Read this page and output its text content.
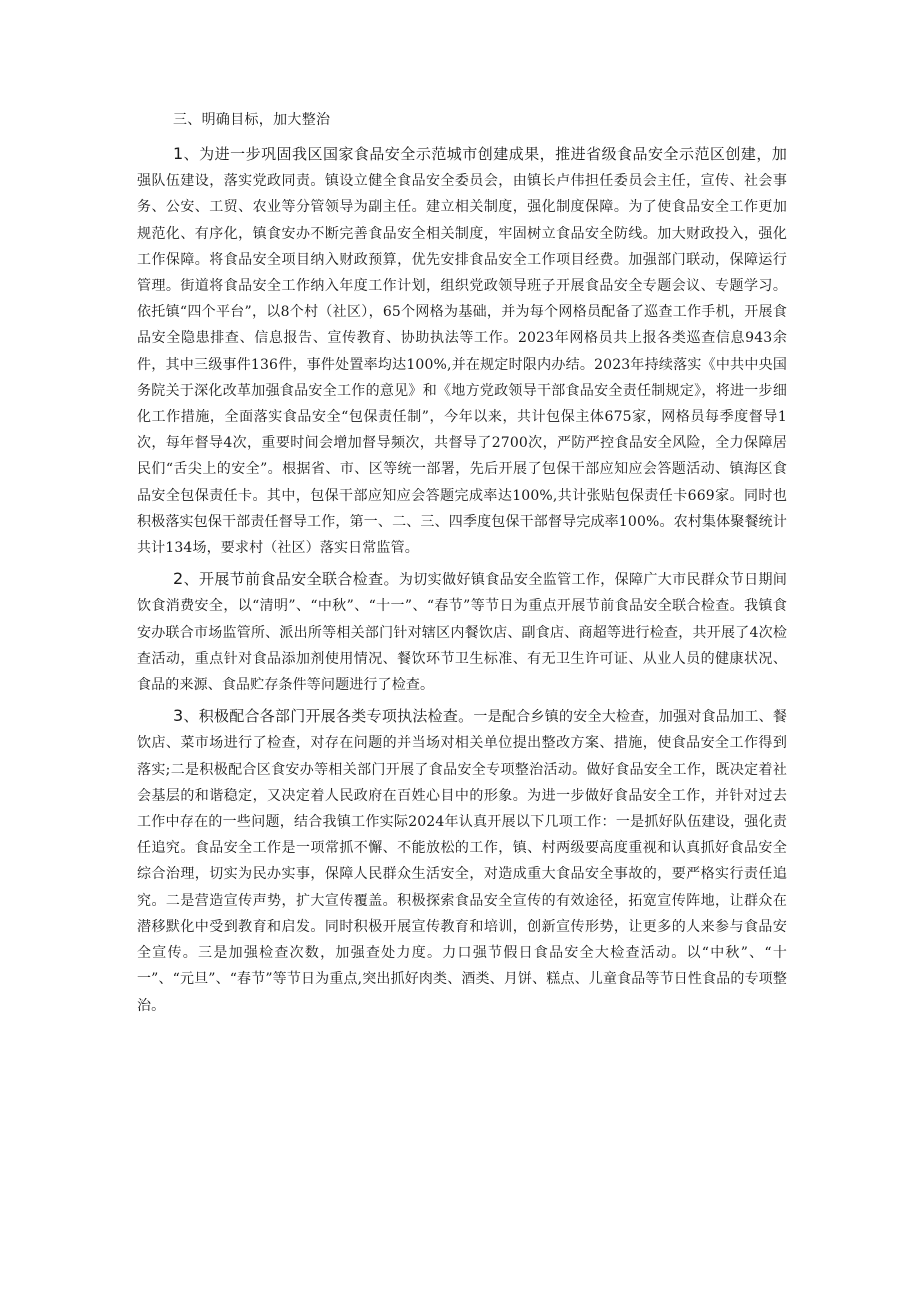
三、明确目标，加大整治

1、为进一步巩固我区国家食品安全示范城市创建成果，推进省级食品安全示范区创建，加强队伍建设，落实党政同责。镇设立健全食品安全委员会，由镇长卢伟担任委员会主任，宣传、社会事务、公安、工贸、农业等分管领导为副主任。建立相关制度，强化制度保障。为了使食品安全工作更加规范化、有序化，镇食安办不断完善食品安全相关制度，牢固树立食品安全防线。加大财政投入，强化工作保障。将食品安全项目纳入财政预算，优先安排食品安全工作项目经费。加强部门联动，保障运行管理。街道将食品安全工作纳入年度工作计划，组织党政领导班子开展食品安全专题会议、专题学习。依托镇“四个平台”，以8个村（社区），65个网格为基础，并为每个网格员配备了巡查工作手机，开展食品安全隐患排查、信息报告、宣传教育、协助执法等工作。2023年网格员共上报各类巡查信息943余件，其中三级事件136件，事件处置率均达100%,并在规定时限内办结。2023年持续落实《中共中央国务院关于深化改革加强食品安全工作的意见》和《地方党政领导干部食品安全责任制规定》，将进一步细化工作措施，全面落实食品安全“包保责任制”，今年以来，共计包保主体675家，网格员每季度督导1次，每年督导4次，重要时间会增加督导频次，共督导了2700次，严防严控食品安全风险，全力保障居民们“舌尖上的安全”。根据省、市、区等统一部署，先后开展了包保干部应知应会答题活动、镇海区食品安全包保责任卡。其中，包保干部应知应会答题完成率达100%,共计张贴包保责任卡669家。同时也积极落实包保干部责任督导工作，第一、二、三、四季度包保干部督导完成率100%。农村集体聚餐统计共计134场，要求村（社区）落实日常监管。

2、开展节前食品安全联合检查。为切实做好镇食品安全监管工作，保障广大市民群众节日期间饮食消费安全，以“清明”、“中秋”、“十一”、“春节”等节日为重点开展节前食品安全联合检查。我镇食安办联合市场监管所、派出所等相关部门针对辖区内餐饮店、副食店、商超等进行检查，共开展了4次检查活动，重点针对食品添加剂使用情况、餐饮环节卫生标准、有无卫生许可证、从业人员的健康状况、食品的来源、食品贮存条件等问题进行了检查。

3、积极配合各部门开展各类专项执法检查。一是配合乡镇的安全大检查，加强对食品加工、餐饮店、菜市场进行了检查，对存在问题的并当场对相关单位提出整改方案、措施，使食品安全工作得到落实;二是积极配合区食安办等相关部门开展了食品安全专项整治活动。做好食品安全工作，既决定着社会基层的和谐稳定，又决定着人民政府在百姓心目中的形象。为进一步做好食品安全工作，并针对过去工作中存在的一些问题，结合我镇工作实际2024年认真开展以下几项工作：一是抓好队伍建设，强化责任追究。食品安全工作是一项常抓不懈、不能放松的工作，镇、村两级要高度重视和认真抓好食品安全综合治理，切实为民办实事，保障人民群众生活安全，对造成重大食品安全事故的，要严格实行责任追究。二是营造宣传声势，扩大宣传覆盖。积极探索食品安全宣传的有效途径，拓宽宣传阵地，让群众在潜移默化中受到教育和启发。同时积极开展宣传教育和培训，创新宣传形势，让更多的人来参与食品安全宣传。三是加强检查次数，加强查处力度。力口强节假日食品安全大检查活动。以“中秋”、“十一”、“元旦”、“春节”等节日为重点,突出抓好肉类、酒类、月饼、糕点、儿童食品等节日性食品的专项整治。
